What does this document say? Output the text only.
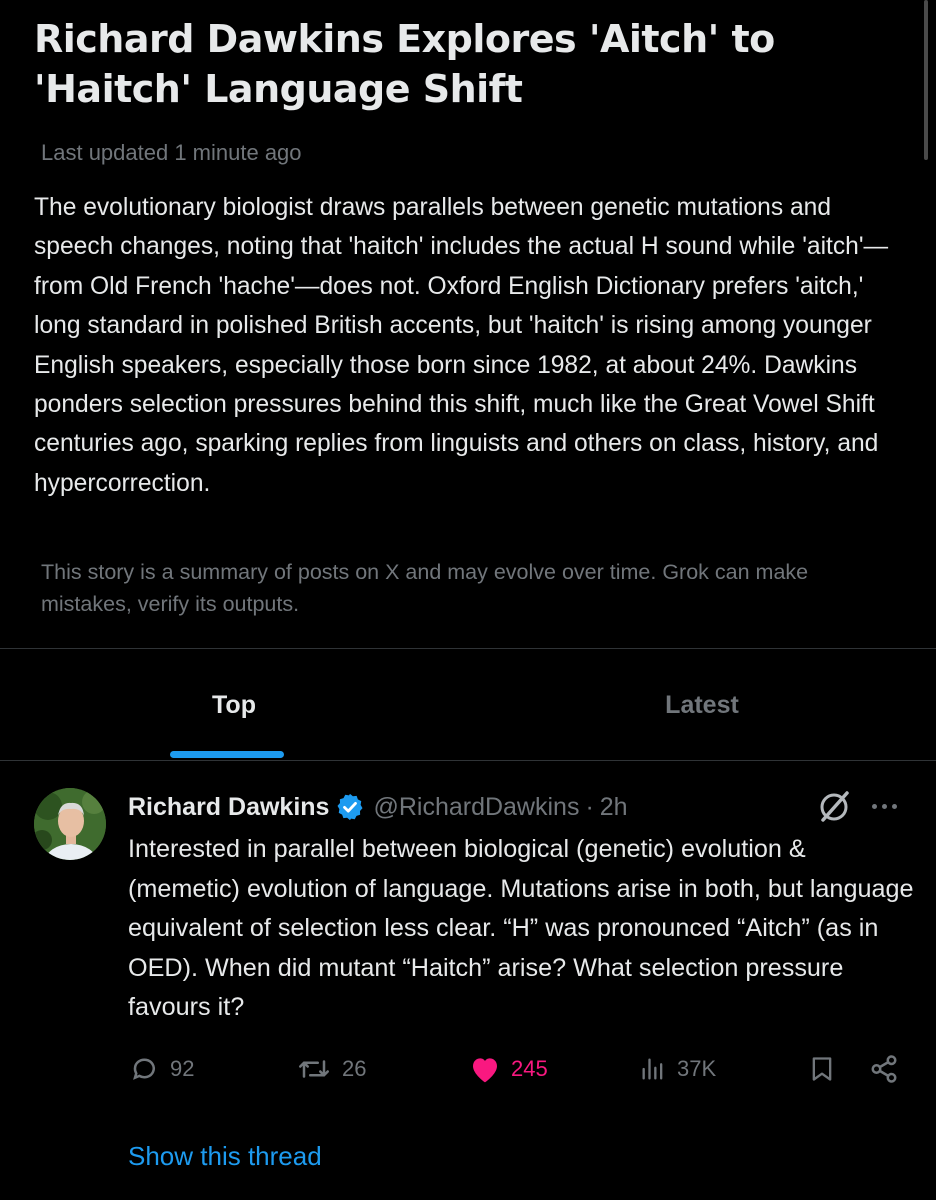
Richard Dawkins Explores 'Aitch' to 'Haitch' Language Shift
Last updated 1 minute ago

The evolutionary biologist draws parallels between genetic mutations and speech changes, noting that 'haitch' includes the actual H sound while 'aitch'—from Old French 'hache'—does not. Oxford English Dictionary prefers 'aitch,' long standard in polished British accents, but 'haitch' is rising among younger English speakers, especially those born since 1982, at about 24%. Dawkins ponders selection pressures behind this shift, much like the Great Vowel Shift centuries ago, sparking replies from linguists and others on class, history, and hypercorrection.

This story is a summary of posts on X and may evolve over time. Grok can make mistakes, verify its outputs.

Top	Latest
Richard Dawkins @RichardDawkins · 2h

Interested in parallel between biological (genetic) evolution & (memetic) evolution of language. Mutations arise in both, but language equivalent of selection less clear. “H” was pronounced “Aitch” (as in OED). When did mutant “Haitch” arise? What selection pressure favours it?

92	26	245	37K
Show this thread
